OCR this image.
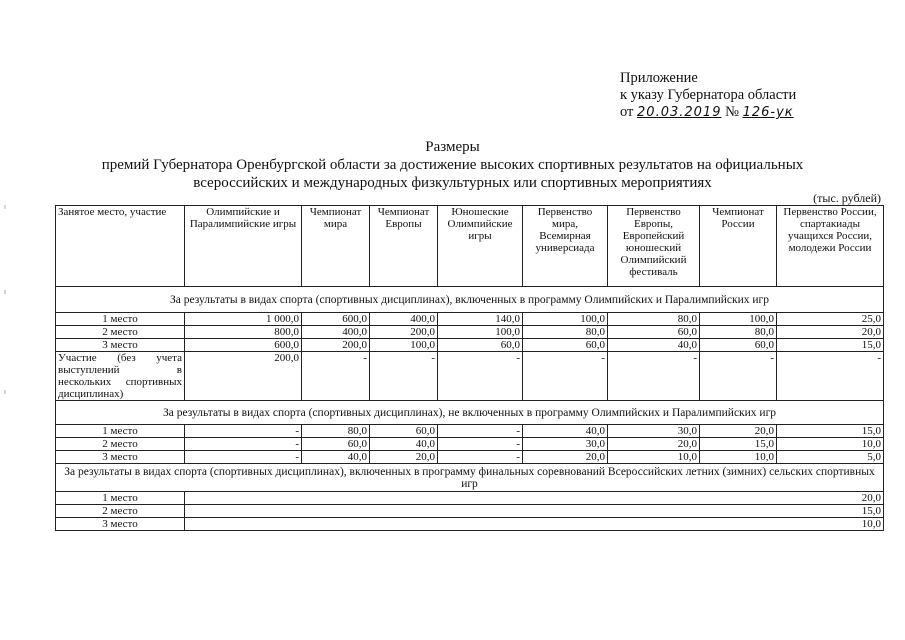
Приложение
к указу Губернатора области
от 20.03.2019 № 126-ук
Размеры
премий Губернатора Оренбургской области за достижение высоких спортивных результатов на официальных
всероссийских и международных физкультурных или спортивных мероприятиях
(тыс. рублей)
Занятое место, участие	Олимпийские и Паралимпийские игры	Чемпионат мира	Чемпионат Европы	Юношеские Олимпийские игры	Первенство мира, Всемирная универсиада	Первенство Европы, Европейский юношеский Олимпийский фестиваль	Чемпионат России	Первенство России, спартакиады учащихся России, молодежи России
За результаты в видах спорта (спортивных дисциплинах), включенных в программу Олимпийских и Паралимпийских игр								
1 место	1 000,0	600,0	400,0	140,0	100,0	80,0	100,0	25,0
2 место	800,0	400,0	200,0	100,0	80,0	60,0	80,0	20,0
3 место	600,0	200,0	100,0	60,0	60,0	40,0	60,0	15,0
Участие (без учета выступлений в нескольких спортивных дисциплинах)	200,0	-	-	-	-	-	-	-
За результаты в видах спорта (спортивных дисциплинах), не включенных в программу Олимпийских и Паралимпийских игр								
1 место	-	80,0	60,0	-	40,0	30,0	20,0	15,0
2 место	-	60,0	40,0	-	30,0	20,0	15,0	10,0
3 место	-	40,0	20,0	-	20,0	10,0	10,0	5,0
За результаты в видах спорта (спортивных дисциплинах), включенных в программу финальных соревнований Всероссийских летних (зимних) сельских спортивных игр								
1 место	20,0							
2 место	15,0							
3 место	10,0							
